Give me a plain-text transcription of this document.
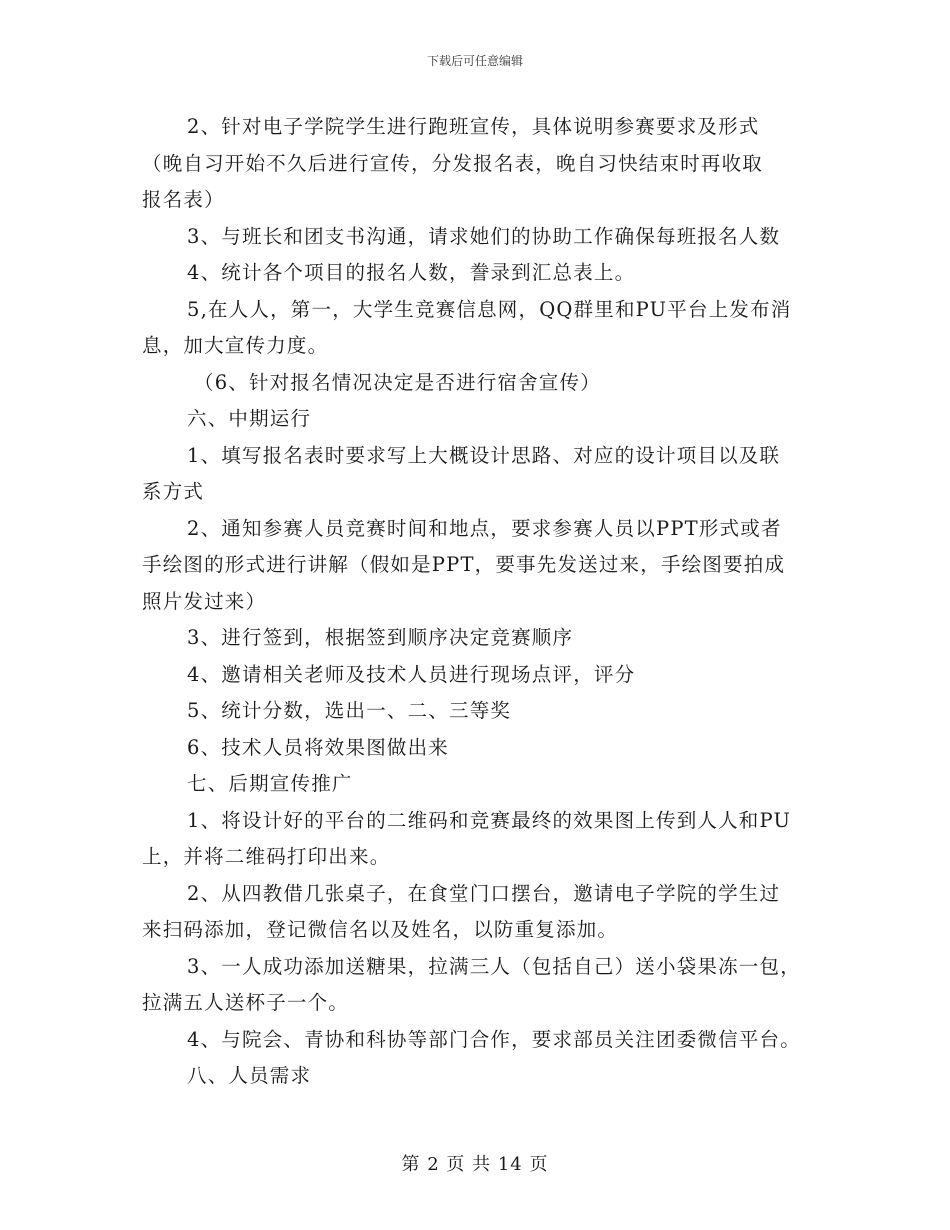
下载后可任意编辑

2、针对电子学院学生进行跑班宣传，具体说明参赛要求及形式

（晚自习开始不久后进行宣传，分发报名表，晚自习快结束时再收取

报名表）

3、与班长和团支书沟通，请求她们的协助工作确保每班报名人数

4、统计各个项目的报名人数，誊录到汇总表上。

5,在人人，第一，大学生竞赛信息网，QQ群里和PU平台上发布消

息，加大宣传力度。

（6、针对报名情况决定是否进行宿舍宣传）

六、中期运行

1、填写报名表时要求写上大概设计思路、对应的设计项目以及联

系方式

2、通知参赛人员竞赛时间和地点，要求参赛人员以PPT形式或者

手绘图的形式进行讲解（假如是PPT，要事先发送过来，手绘图要拍成

照片发过来）

3、进行签到，根据签到顺序决定竞赛顺序

4、邀请相关老师及技术人员进行现场点评，评分

5、统计分数，选出一、二、三等奖

6、技术人员将效果图做出来

七、后期宣传推广

1、将设计好的平台的二维码和竞赛最终的效果图上传到人人和PU

上，并将二维码打印出来。

2、从四教借几张桌子，在食堂门口摆台，邀请电子学院的学生过

来扫码添加，登记微信名以及姓名，以防重复添加。

3、一人成功添加送糖果，拉满三人（包括自己）送小袋果冻一包，

拉满五人送杯子一个。

4、与院会、青协和科协等部门合作，要求部员关注团委微信平台。

八、人员需求

第 2 页 共 14 页
